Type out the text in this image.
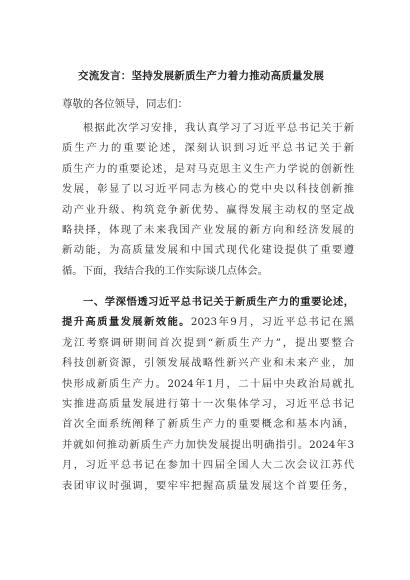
交流发言：坚持发展新质生产力着力推动高质量发展
尊敬的各位领导，同志们：
根据此次学习安排，我认真学习了习近平总书记关于新
质生产力的重要论述，深刻认识到习近平总书记关于新
质生产力的重要论述，是对马克思主义生产力学说的创新性
发展，彰显了以习近平同志为核心的党中央以科技创新推
动产业升级、构筑竞争新优势、赢得发展主动权的坚定战
略抉择，体现了未来我国产业发展的新方向和经济发展的
新动能，为高质量发展和中国式现代化建设提供了重要遵
循。下面，我结合我的工作实际谈几点体会。
一、学深悟透习近平总书记关于新质生产力的重要论述，
提升高质量发展新效能。2023年9月，习近平总书记在黑
龙江考察调研期间首次提到“新质生产力”，提出要整合
科技创新资源，引领发展战略性新兴产业和未来产业，加
快形成新质生产力。2024年1月，二十届中央政治局就扎
实推进高质量发展进行第十一次集体学习，习近平总书记
首次全面系统阐释了新质生产力的重要概念和基本内涵，
并就如何推动新质生产力加快发展提出明确指引。2024年3
月，习近平总书记在参加十四届全国人大二次会议江苏代
表团审议时强调，要牢牢把握高质量发展这个首要任务，
